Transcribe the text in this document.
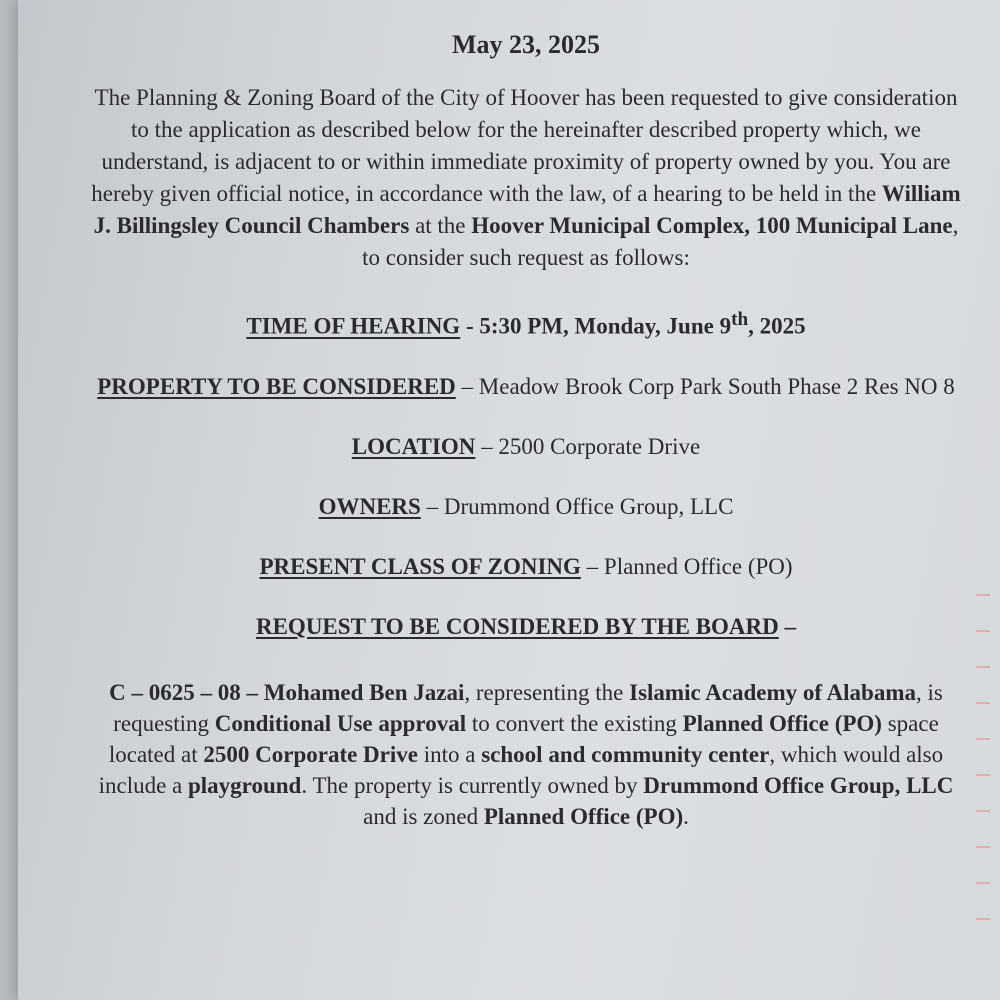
May 23, 2025
The Planning & Zoning Board of the City of Hoover has been requested to give consideration to the application as described below for the hereinafter described property which, we understand, is adjacent to or within immediate proximity of property owned by you. You are hereby given official notice, in accordance with the law, of a hearing to be held in the William J. Billingsley Council Chambers at the Hoover Municipal Complex, 100 Municipal Lane, to consider such request as follows:
TIME OF HEARING - 5:30 PM, Monday, June 9th, 2025
PROPERTY TO BE CONSIDERED – Meadow Brook Corp Park South Phase 2 Res NO 8
LOCATION – 2500 Corporate Drive
OWNERS – Drummond Office Group, LLC
PRESENT CLASS OF ZONING – Planned Office (PO)
REQUEST TO BE CONSIDERED BY THE BOARD –
C – 0625 – 08 – Mohamed Ben Jazai, representing the Islamic Academy of Alabama, is requesting Conditional Use approval to convert the existing Planned Office (PO) space located at 2500 Corporate Drive into a school and community center, which would also include a playground. The property is currently owned by Drummond Office Group, LLC and is zoned Planned Office (PO).
